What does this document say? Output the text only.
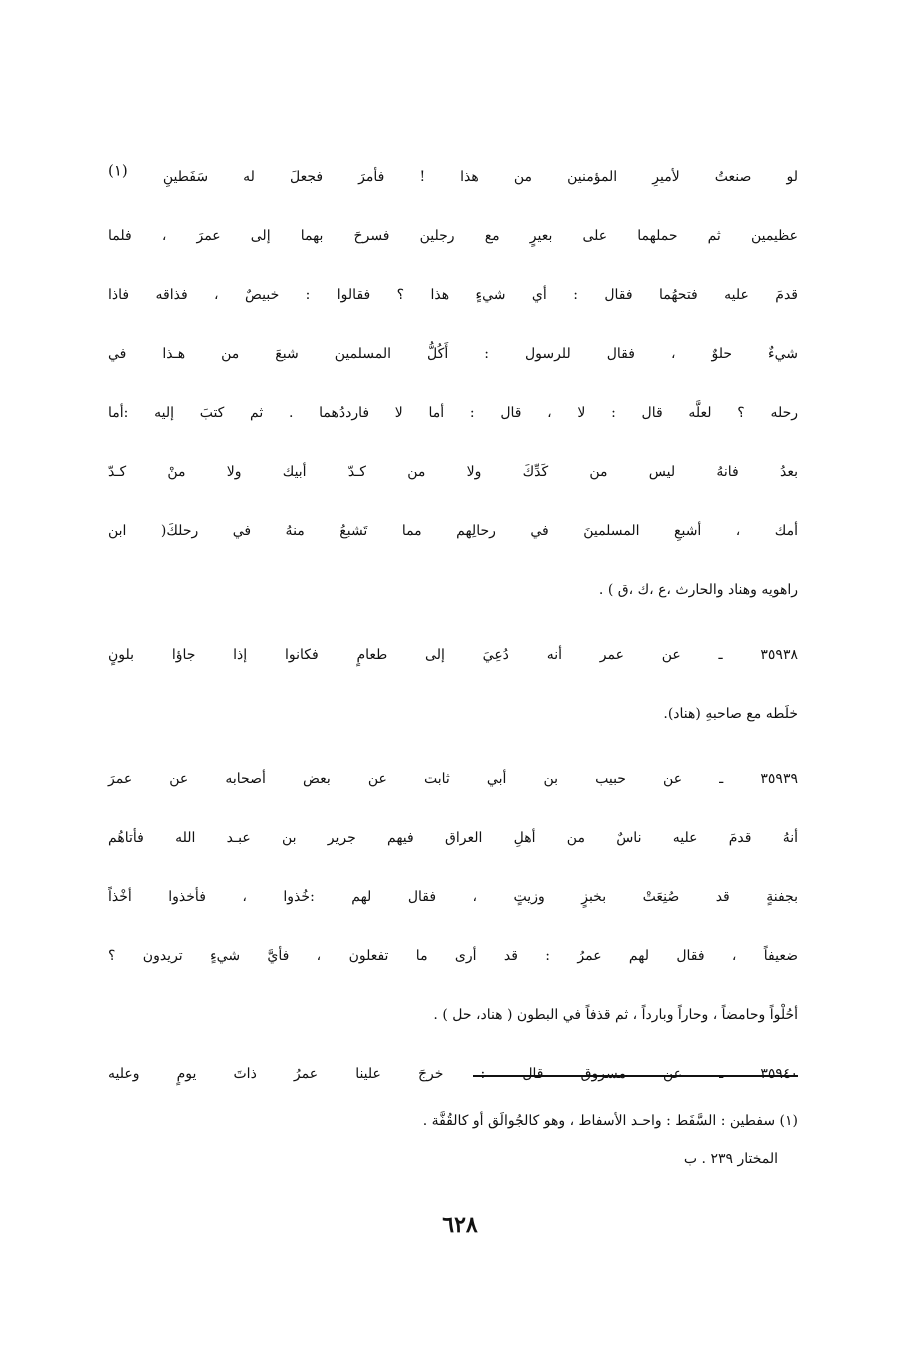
لو صنعتُ لأميرِ المؤمنين من هذا ! فأمرَ فجعلَ له سَفَطينِ (١)
عظيمين ثم حملهما على بعيرٍ مع رجلين فسرحَ بهما إلى عمرَ ، فلما
قدمَ عليه فتحهُما فقال : أي شيءٍ هذا ؟ فقالوا : خبيصٌ ، فذاقه فاذا
شيءٌ حلوٌ ، فقال للرسول : أَكُلُّ المسلمين شبعَ من هـذا في
رحله ؟ لعلَّه قال : لا ، قال : أما لا فارددُهما . ثم كتبَ إليه :أما
بعدُ فانهُ ليس من كَدِّكَ ولا من كـدّ أبيك ولا منْ كـدّ
أمك ، أشبعِ المسلمينَ في رحالِهم مما تَشبعُ منهُ في رحلكَ( ابن
راهويه وهناد والحارث ،ع ،ك ،ق ) .
٣٥٩٣٨ ـ عن عمر أنه دُعِيَ إلى طعامٍ فكانوا إذا جاؤا بلونٍ
خلَطه مع صاحبهِ (هناد).
٣٥٩٣٩ ـ عن حبيب بن أبي ثابت عن بعض أصحابه عن عمرَ
أنهُ قدمَ عليه ناسٌ من أهلِ العراق فيهم جرير بن عبـد الله فأتاهُم
بجفنةٍ قد صُنِعَتْ بخبزٍ وزيتٍ ، فقال لهم :خُذوا ، فأخذوا أخْذاً
ضعيفاً ، فقال لهم عمرُ : قد أرى ما تفعلون ، فأيَّ شيءٍ تريدون ؟
أحُلْواً وحامضاً ، وحاراً وبارداً ، ثم قذفاً في البطون ( هناد، حل ) .
٣٥٩٤٠ ـ عن مسروق قال : خرجَ علينا عمرُ ذاتَ يومٍ وعليه
(١) سفطين : السَّفَط : واحـد الأسفاط ، وهو كالجُوالَق أو كالقُفَّة .
المختار ٢٣٩ . ب
٦٢٨
